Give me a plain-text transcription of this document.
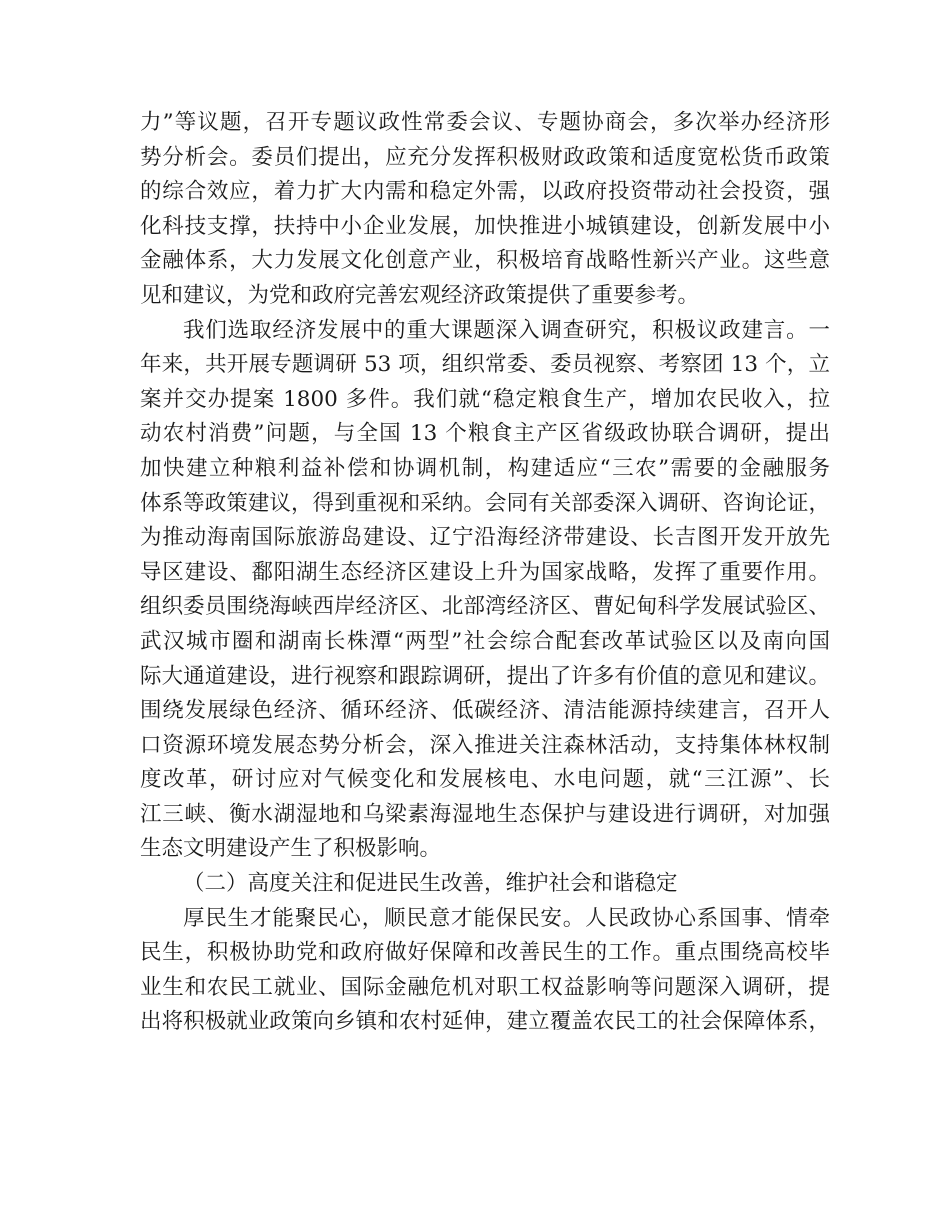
力”等议题，召开专题议政性常委会议、专题协商会，多次举办经济形
势分析会。委员们提出，应充分发挥积极财政政策和适度宽松货币政策
的综合效应，着力扩大内需和稳定外需，以政府投资带动社会投资，强
化科技支撑，扶持中小企业发展，加快推进小城镇建设，创新发展中小
金融体系，大力发展文化创意产业，积极培育战略性新兴产业。这些意
见和建议，为党和政府完善宏观经济政策提供了重要参考。
我们选取经济发展中的重大课题深入调查研究，积极议政建言。一
年来，共开展专题调研 53 项，组织常委、委员视察、考察团 13 个，立
案并交办提案 1800 多件。我们就“稳定粮食生产，增加农民收入，拉
动农村消费”问题，与全国 13 个粮食主产区省级政协联合调研，提出
加快建立种粮利益补偿和协调机制，构建适应“三农”需要的金融服务
体系等政策建议，得到重视和采纳。会同有关部委深入调研、咨询论证，
为推动海南国际旅游岛建设、辽宁沿海经济带建设、长吉图开发开放先
导区建设、鄱阳湖生态经济区建设上升为国家战略，发挥了重要作用。
组织委员围绕海峡西岸经济区、北部湾经济区、曹妃甸科学发展试验区、
武汉城市圈和湖南长株潭“两型”社会综合配套改革试验区以及南向国
际大通道建设，进行视察和跟踪调研，提出了许多有价值的意见和建议。
围绕发展绿色经济、循环经济、低碳经济、清洁能源持续建言，召开人
口资源环境发展态势分析会，深入推进关注森林活动，支持集体林权制
度改革，研讨应对气候变化和发展核电、水电问题，就“三江源”、长
江三峡、衡水湖湿地和乌梁素海湿地生态保护与建设进行调研，对加强
生态文明建设产生了积极影响。
（二）高度关注和促进民生改善，维护社会和谐稳定
厚民生才能聚民心，顺民意才能保民安。人民政协心系国事、情牵
民生，积极协助党和政府做好保障和改善民生的工作。重点围绕高校毕
业生和农民工就业、国际金融危机对职工权益影响等问题深入调研，提
出将积极就业政策向乡镇和农村延伸，建立覆盖农民工的社会保障体系，
